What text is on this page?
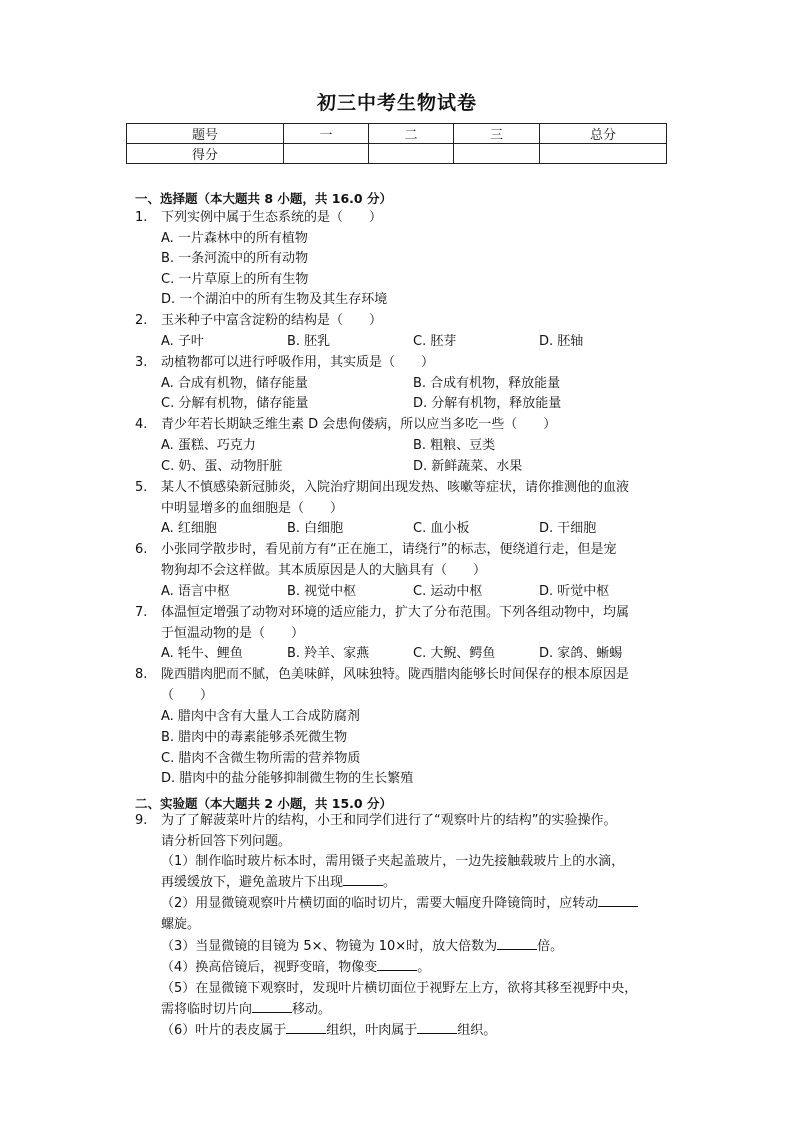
初三中考生物试卷
题号	一	二	三	总分
得分				
一、选择题（本大题共 8 小题，共 16.0 分）
1. 下列实例中属于生态系统的是（　　）
A. 一片森林中的所有植物
B. 一条河流中的所有动物
C. 一片草原上的所有生物
D. 一个湖泊中的所有生物及其生存环境
2. 玉米种子中富含淀粉的结构是（　　）
A. 子叶	B. 胚乳	C. 胚芽	D. 胚轴
3. 动植物都可以进行呼吸作用，其实质是（　　）
A. 合成有机物，储存能量	B. 合成有机物，释放能量
C. 分解有机物，储存能量	D. 分解有机物，释放能量
4. 青少年若长期缺乏维生素 D 会患佝偻病，所以应当多吃一些（　　）
A. 蛋糕、巧克力	B. 粗粮、豆类
C. 奶、蛋、动物肝脏	D. 新鲜蔬菜、水果
5. 某人不慎感染新冠肺炎，入院治疗期间出现发热、咳嗽等症状，请你推测他的血液
中明显增多的血细胞是（　　）
A. 红细胞	B. 白细胞	C. 血小板	D. 干细胞
6. 小张同学散步时，看见前方有“正在施工，请绕行”的标志，便绕道行走，但是宠
物狗却不会这样做。其本质原因是人的大脑具有（　　）
A. 语言中枢	B. 视觉中枢	C. 运动中枢	D. 听觉中枢
7. 体温恒定增强了动物对环境的适应能力，扩大了分布范围。下列各组动物中，均属
于恒温动物的是（　　）
A. 牦牛、鲤鱼	B. 羚羊、家燕	C. 大鲵、鳄鱼	D. 家鸽、蜥蜴
8. 陇西腊肉肥而不腻，色美味鲜，风味独特。陇西腊肉能够长时间保存的根本原因是
（　　）
A. 腊肉中含有大量人工合成防腐剂
B. 腊肉中的毒素能够杀死微生物
C. 腊肉不含微生物所需的营养物质
D. 腊肉中的盐分能够抑制微生物的生长繁殖
二、实验题（本大题共 2 小题，共 15.0 分）
9. 为了了解菠菜叶片的结构，小王和同学们进行了“观察叶片的结构”的实验操作。
请分析回答下列问题。
（1）制作临时玻片标本时，需用镊子夹起盖玻片，一边先接触载玻片上的水滴，
再缓缓放下，避免盖玻片下出现	。
（2）用显微镜观察叶片横切面的临时切片，需要大幅度升降镜筒时，应转动
螺旋。
（3）当显微镜的目镜为 5×、物镜为 10×时，放大倍数为	倍。
（4）换高倍镜后，视野变暗，物像变	。
（5）在显微镜下观察时，发现叶片横切面位于视野左上方，欲将其移至视野中央，
需将临时切片向	移动。
（6）叶片的表皮属于	组织，叶肉属于	组织。
